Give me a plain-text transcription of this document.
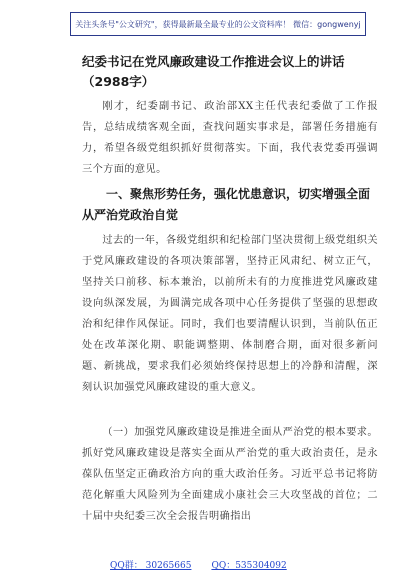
关注头条号"公文研究"，获得最新最全最专业的公文资料库！ 微信：gongwenyj
纪委书记在党风廉政建设工作推进会议上的讲话（2988字）
刚才，纪委副书记、政治部XX主任代表纪委做了工作报告，总结成绩客观全面，查找问题实事求是，部署任务措施有力，希望各级党组织抓好贯彻落实。下面，我代表党委再强调三个方面的意见。
一、聚焦形势任务，强化忧患意识，切实增强全面从严治党政治自觉
过去的一年，各级党组织和纪检部门坚决贯彻上级党组织关于党风廉政建设的各项决策部署，坚持正风肃纪、树立正气，坚持关口前移、标本兼治，以前所未有的力度推进党风廉政建设向纵深发展，为圆满完成各项中心任务提供了坚强的思想政治和纪律作风保证。同时，我们也要清醒认识到，当前队伍正处在改革深化期、职能调整期、体制磨合期，面对很多新问题、新挑战，要求我们必须始终保持思想上的冷静和清醒，深刻认识加强党风廉政建设的重大意义。
（一）加强党风廉政建设是推进全面从严治党的根本要求。抓好党风廉政建设是落实全面从严治党的重大政治责任，是永葆队伍坚定正确政治方向的重大政治任务。习近平总书记将防范化解重大风险列为全面建成小康社会三大攻坚战的首位；二十届中央纪委三次全会报告明确指出
QQ群： 30265665 QQ：535304092
